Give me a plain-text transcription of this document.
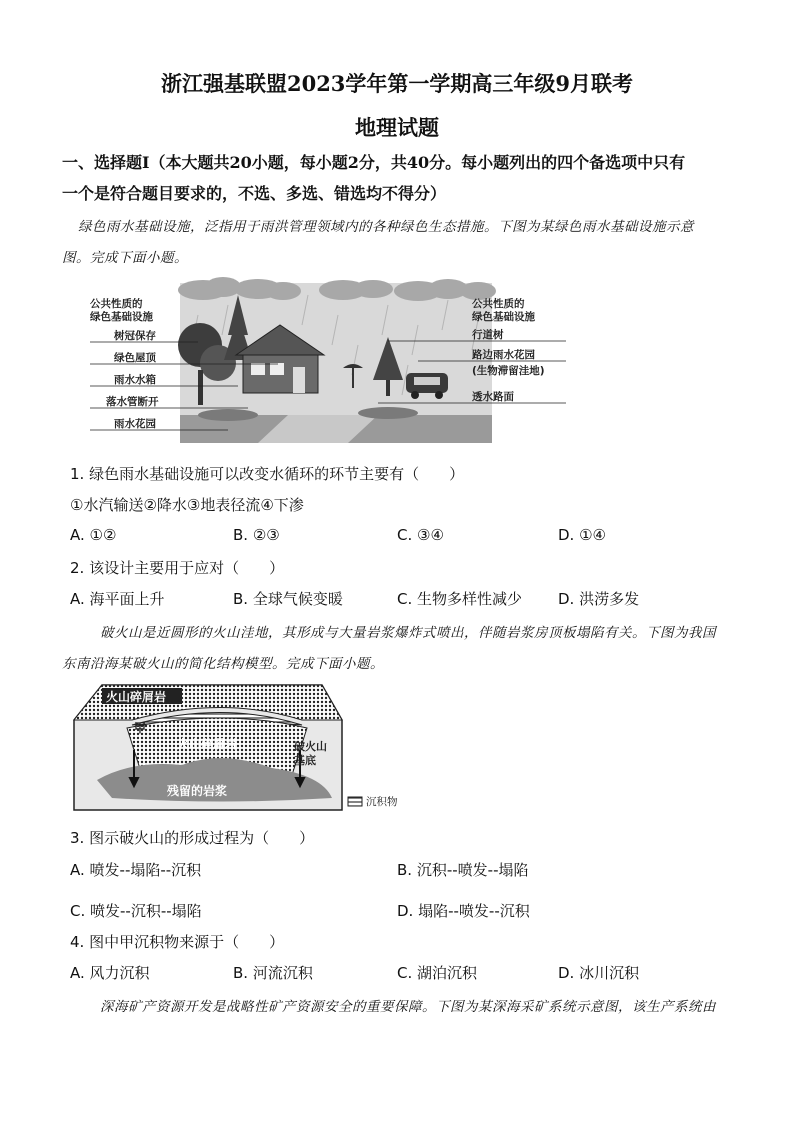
浙江强基联盟2023学年第一学期高三年级9月联考
地理试题
一、选择题Ⅰ（本大题共20小题，每小题2分，共40分。每小题列出的四个备选项中只有
一个是符合题目要求的，不选、多选、错选均不得分）
绿色雨水基础设施，泛指用于雨洪管理领域内的各种绿色生态措施。下图为某绿色雨水基础设施示意
图。完成下面小题。
公共性质的
绿色基础设施
树冠保存
绿色屋顶
雨水水箱
落水管断开
雨水花园
公共性质的
绿色基础设施
行道树
路边雨水花园
(生物滞留洼地)
透水路面
1. 绿色雨水基础设施可以改变水循环的环节主要有（　　）
①水汽输送②降水③地表径流④下渗
A. ①②	B. ②③	C. ③④	D. ①④
2. 该设计主要用于应对（　　）
A. 海平面上升	B. 全球气候变暖	C. 生物多样性减少 D. 洪涝多发
破火山是近圆形的火山洼地，其形成与大量岩浆爆炸式喷出，伴随岩浆房顶板塌陷有关。下图为我国
东南沿海某破火山的简化结构模型。完成下面小题。
火山碎屑岩
甲
火山碎屑岩	破火山
基底
残留的岩浆
沉积物
3. 图示破火山的形成过程为（　　）
A. 喷发--塌陷--沉积	B. 沉积--喷发--塌陷
C. 喷发--沉积--塌陷	D. 塌陷--喷发--沉积
4. 图中甲沉积物来源于（　　）
A. 风力沉积	B. 河流沉积	C. 湖泊沉积	D. 冰川沉积
深海矿产资源开发是战略性矿产资源安全的重要保障。下图为某深海采矿系统示意图，该生产系统由
